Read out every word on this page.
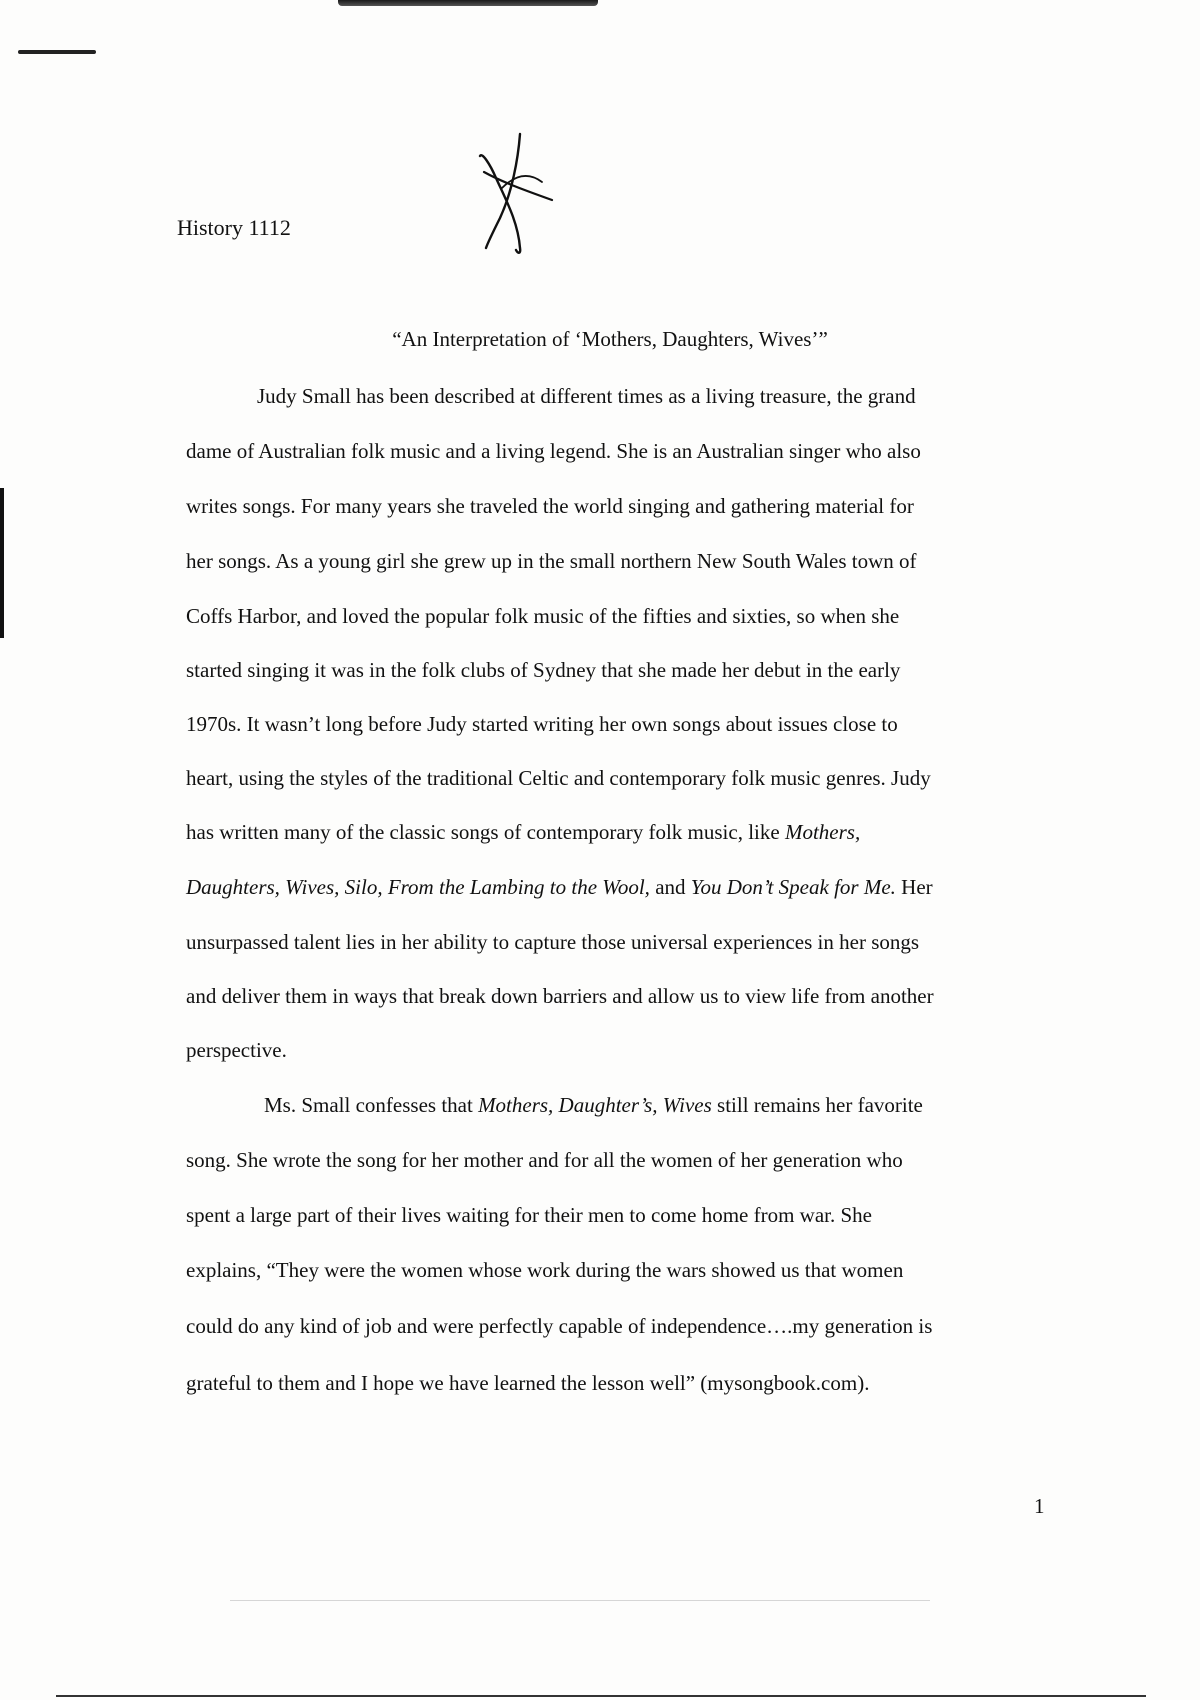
History 1112
“An Interpretation of ‘Mothers, Daughters, Wives’”
Judy Small has been described at different times as a living treasure, the grand
dame of Australian folk music and a living legend. She is an Australian singer who also
writes songs. For many years she traveled the world singing and gathering material for
her songs. As a young girl she grew up in the small northern New South Wales town of
Coffs Harbor, and loved the popular folk music of the fifties and sixties, so when she
started singing it was in the folk clubs of Sydney that she made her debut in the early
1970s. It wasn’t long before Judy started writing her own songs about issues close to
heart, using the styles of the traditional Celtic and contemporary folk music genres. Judy
has written many of the classic songs of contemporary folk music, like Mothers,
Daughters, Wives, Silo, From the Lambing to the Wool, and You Don’t Speak for Me. Her
unsurpassed talent lies in her ability to capture those universal experiences in her songs
and deliver them in ways that break down barriers and allow us to view life from another
perspective.
Ms. Small confesses that Mothers, Daughter’s, Wives still remains her favorite
song. She wrote the song for her mother and for all the women of her generation who
spent a large part of their lives waiting for their men to come home from war. She
explains, “They were the women whose work during the wars showed us that women
could do any kind of job and were perfectly capable of independence….my generation is
grateful to them and I hope we have learned the lesson well” (mysongbook.com).
1
